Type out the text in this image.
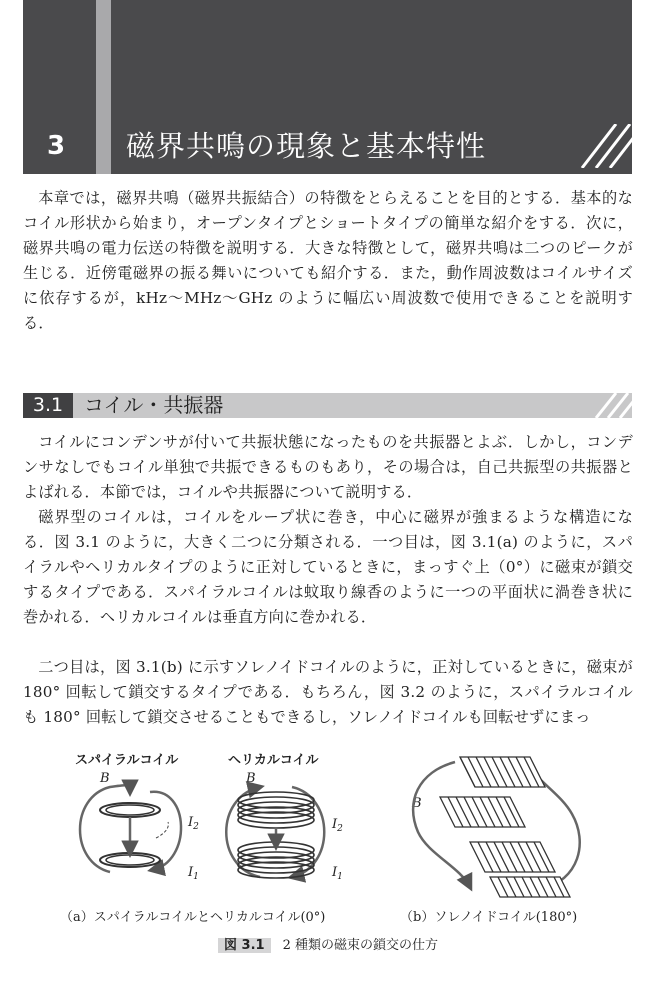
3	磁界共鳴の現象と基本特性

本章では，磁界共鳴（磁界共振結合）の特徴をとらえることを目的とする．基本的なコイル形状から始まり，オープンタイプとショートタイプの簡単な紹介をする．次に，磁界共鳴の電力伝送の特徴を説明する．大きな特徴として，磁界共鳴は二つのピークが生じる．近傍電磁界の振る舞いについても紹介する．また，動作周波数はコイルサイズに依存するが，kHz～MHz～GHz のように幅広い周波数で使用できることを説明する．

3.1	コイル・共振器

コイルにコンデンサが付いて共振状態になったものを共振器とよぶ．しかし，コンデンサなしでもコイル単独で共振できるものもあり，その場合は，自己共振型の共振器とよばれる．本節では，コイルや共振器について説明する．

磁界型のコイルは，コイルをループ状に巻き，中心に磁界が強まるような構造になる．図 3.1 のように，大きく二つに分類される．一つ目は，図 3.1(a) のように，スパイラルやヘリカルタイプのように正対しているときに，まっすぐ上（0°）に磁束が鎖交するタイプである．スパイラルコイルは蚊取り線香のように一つの平面状に渦巻き状に巻かれる．ヘリカルコイルは垂直方向に巻かれる．

二つ目は，図 3.1(b) に示すソレノイドコイルのように，正対しているときに，磁束が 180° 回転して鎖交するタイプである．もちろん，図 3.2 のように，スパイラルコイルも 180° 回転して鎖交させることもできるし，ソレノイドコイルも回転せずにまっ

スパイラルコイル	ヘリカルコイル
B	B
B
$I_2$
$I_1$
$I_2$
$I_1$
（a）スパイラルコイルとヘリカルコイル(0°)	（b）ソレノイドコイル(180°)
図 3.1 2 種類の磁束の鎖交の仕方
